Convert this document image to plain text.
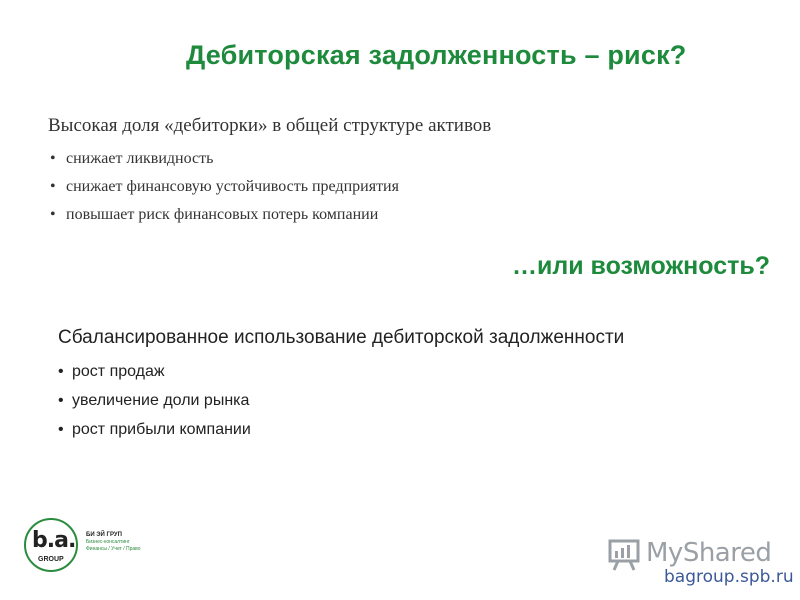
Дебиторская задолженность – риск?

Высокая доля «дебиторки» в общей структуре активов

• снижает ликвидность
• снижает финансовую устойчивость предприятия
• повышает риск финансовых потерь компании
…или возможность?

Сбалансированное использование дебиторской задолженности

• рост продаж
• увеличение доли рынка
• рост прибыли компании
b.a.
GROUP
БИ ЭЙ ГРУП
Бизнес-консалтинг
Финансы / Учет / Право	MyShared
bagroup.spb.ru
